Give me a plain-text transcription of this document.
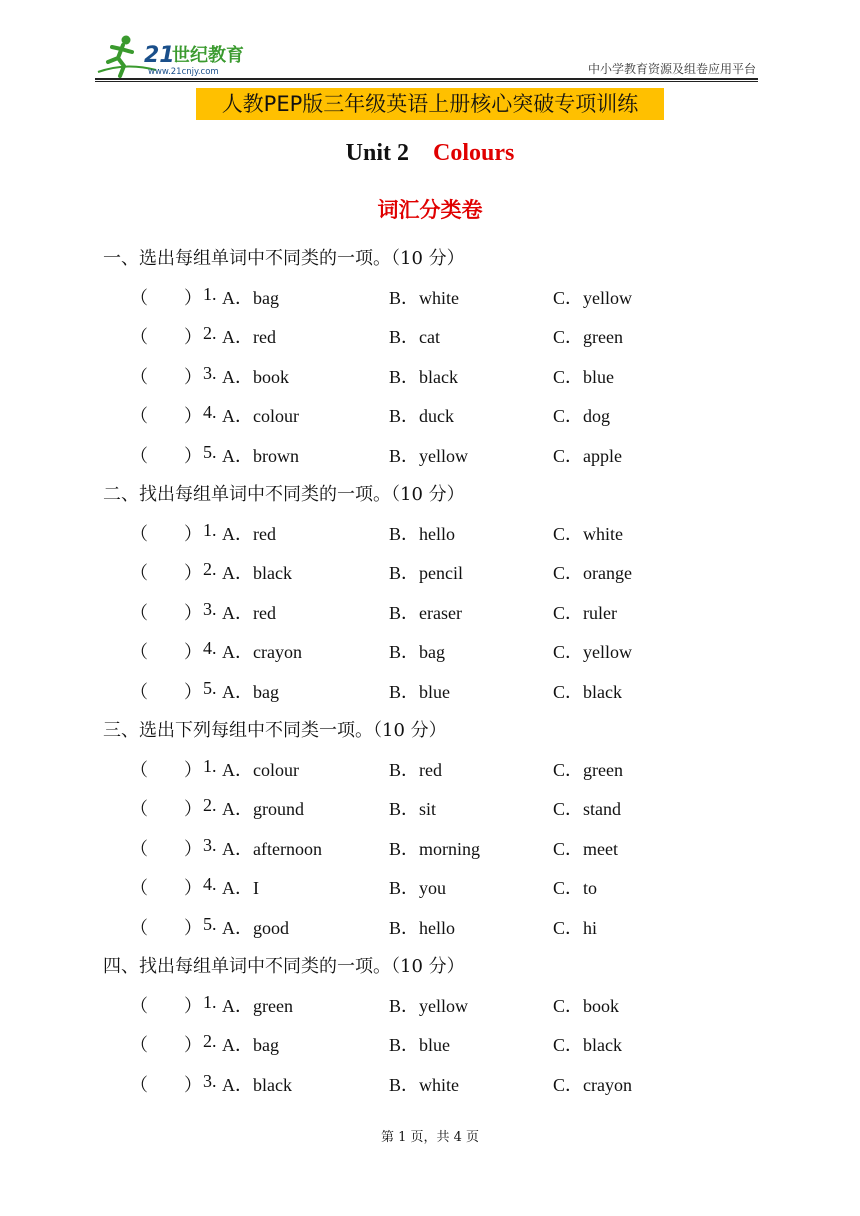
21
世纪教育
www.21cnjy.com	中小学教育资源及组卷应用平台
人教PEP版三年级英语上册核心突破专项训练
Unit 2 Colours
词汇分类卷
一、选出每组单词中不同类的一项。（10 分）
（ ） 1. A．bag	B．white	C．yellow
（ ） 2. A．red	B．cat	C．green
（ ） 3. A．book	B．black	C．blue
（ ） 4. A．colour	B．duck	C．dog
（ ） 5. A．brown	B．yellow	C．apple
二、找出每组单词中不同类的一项。（10 分）
（ ） 1. A．red	B．hello	C．white
（ ） 2. A．black	B．pencil	C．orange
（ ） 3. A．red	B．eraser	C．ruler
（ ） 4. A．crayon	B．bag	C．yellow
（ ） 5. A．bag	B．blue	C．black
三、选出下列每组中不同类一项。（10 分）
（ ） 1. A．colour	B．red	C．green
（ ） 2. A．ground	B．sit	C．stand
（ ） 3. A．afternoon	B．morning	C．meet
（ ） 4. A．I	B．you	C．to
（ ） 5. A．good	B．hello	C．hi
四、找出每组单词中不同类的一项。（10 分）
（ ） 1. A．green	B．yellow	C．book
（ ） 2. A．bag	B．blue	C．black
（ ） 3. A．black	B．white	C．crayon
第 1 页，共 4 页
